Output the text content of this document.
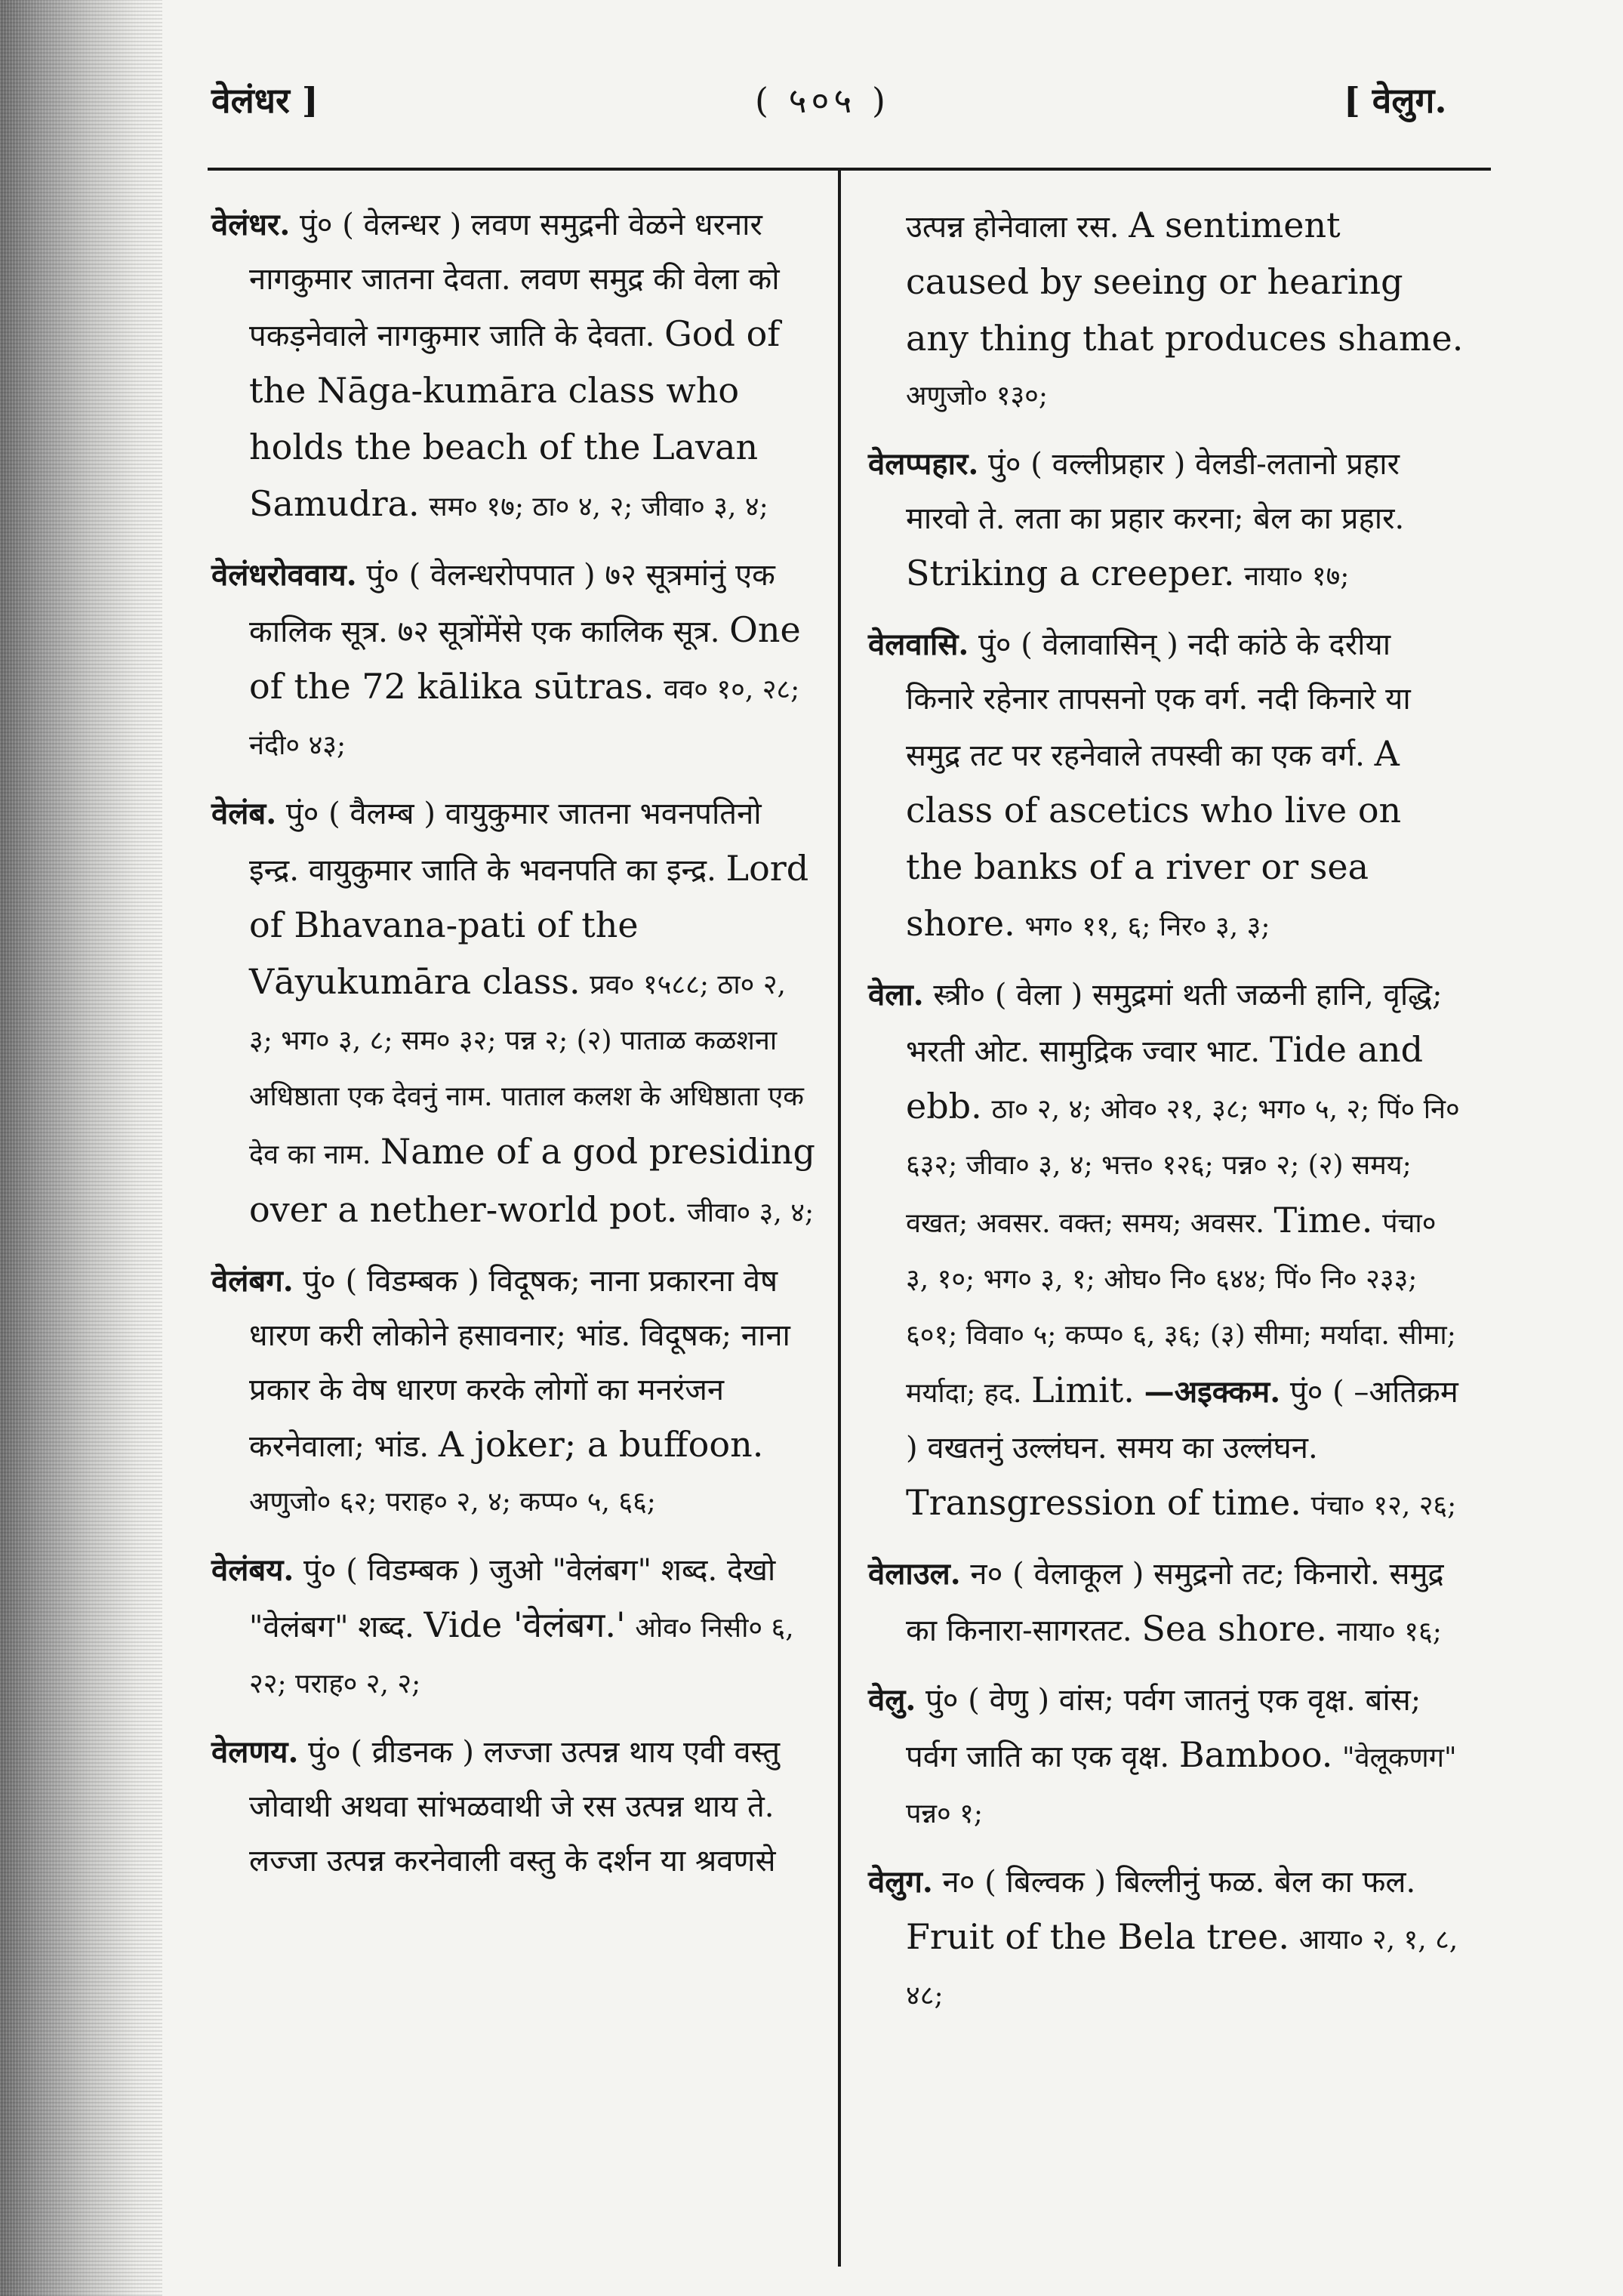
वेलंधर ]	( ५०५ )	[ वेलुग.
वेलंधर. पुं० ( वेलन्धर ) लवण समुद्रनी वेळने धरनार नागकुमार जातना देवता. लवण समुद्र की वेला को पकड़नेवाले नागकुमार जाति के देवता. God of the Nāga-kumāra class who holds the beach of the Lavan Samudra. सम० १७; ठा० ४, २; जीवा० ३, ४;
वेलंधरोववाय. पुं० ( वेलन्धरोपपात ) ७२ सूत्रमांनुं एक कालिक सूत्र. ७२ सूत्रोंमेंसे एक कालिक सूत्र. One of the 72 kālika sūtras. वव० १०, २८; नंदी० ४३;
वेलंब. पुं० ( वैलम्ब ) वायुकुमार जातना भवनपतिनो इन्द्र. वायुकुमार जाति के भवनपति का इन्द्र. Lord of Bhavana-pati of the Vāyukumāra class. प्रव० १५८८; ठा० २, ३; भग० ३, ८; सम० ३२; पन्न २; (२) पाताळ कळशना अधिष्ठाता एक देवनुं नाम. पाताल कलश के अधिष्ठाता एक देव का नाम. Name of a god presiding over a nether-world pot. जीवा० ३, ४;
वेलंबग. पुं० ( विडम्बक ) विदूषक; नाना प्रकारना वेष धारण करी लोकोने हसावनार; भांड. विदूषक; नाना प्रकार के वेष धारण करके लोगों का मनरंजन करनेवाला; भांड. A joker; a buffoon. अणुजो० ६२; पराह० २, ४; कप्प० ५, ६६;
वेलंबय. पुं० ( विडम्बक ) जुओ "वेलंबग" शब्द. देखो "वेलंबग" शब्द. Vide 'वेलंबग.' ओव० निसी० ६, २२; पराह० २, २;
वेलणय. पुं० ( व्रीडनक ) लज्जा उत्पन्न थाय एवी वस्तु जोवाथी अथवा सांभळवाथी जे रस उत्पन्न थाय ते. लज्जा उत्पन्न करनेवाली वस्तु के दर्शन या श्रवणसे
उत्पन्न होनेवाला रस. A sentiment caused by seeing or hearing any thing that produces shame. अणुजो० १३०;
वेलप्पहार. पुं० ( वल्लीप्रहार ) वेलडी-लतानो प्रहार मारवो ते. लता का प्रहार करना; बेल का प्रहार. Striking a creeper. नाया० १७;
वेलवासि. पुं० ( वेलावासिन् ) नदी कांठे के दरीया किनारे रहेनार तापसनो एक वर्ग. नदी किनारे या समुद्र तट पर रहनेवाले तपस्वी का एक वर्ग. A class of ascetics who live on the banks of a river or sea shore. भग० ११, ६; निर० ३, ३;
वेला. स्त्री० ( वेला ) समुद्रमां थती जळनी हानि, वृद्धि; भरती ओट. सामुद्रिक ज्वार भाट. Tide and ebb. ठा० २, ४; ओव० २१, ३८; भग० ५, २; पिं० नि० ६३२; जीवा० ३, ४; भत्त० १२६; पन्न० २; (२) समय; वखत; अवसर. वक्त; समय; अवसर. Time. पंचा० ३, १०; भग० ३, १; ओघ० नि० ६४४; पिं० नि० २३३; ६०१; विवा० ५; कप्प० ६, ३६; (३) सीमा; मर्यादा. सीमा; मर्यादा; हद. Limit. —अइक्कम. पुं० ( –अतिक्रम ) वखतनुं उल्लंघन. समय का उल्लंघन. Transgression of time. पंचा० १२, २६;
वेलाउल. न० ( वेलाकूल ) समुद्रनो तट; किनारो. समुद्र का किनारा-सागरतट. Sea shore. नाया० १६;
वेलु. पुं० ( वेणु ) वांस; पर्वग जातनुं एक वृक्ष. बांस; पर्वग जाति का एक वृक्ष. Bamboo. "वेलूकणग" पन्न० १;
वेलुग. न० ( बिल्वक ) बिल्लीनुं फळ. बेल का फल. Fruit of the Bela tree. आया० २, १, ८, ४८;
